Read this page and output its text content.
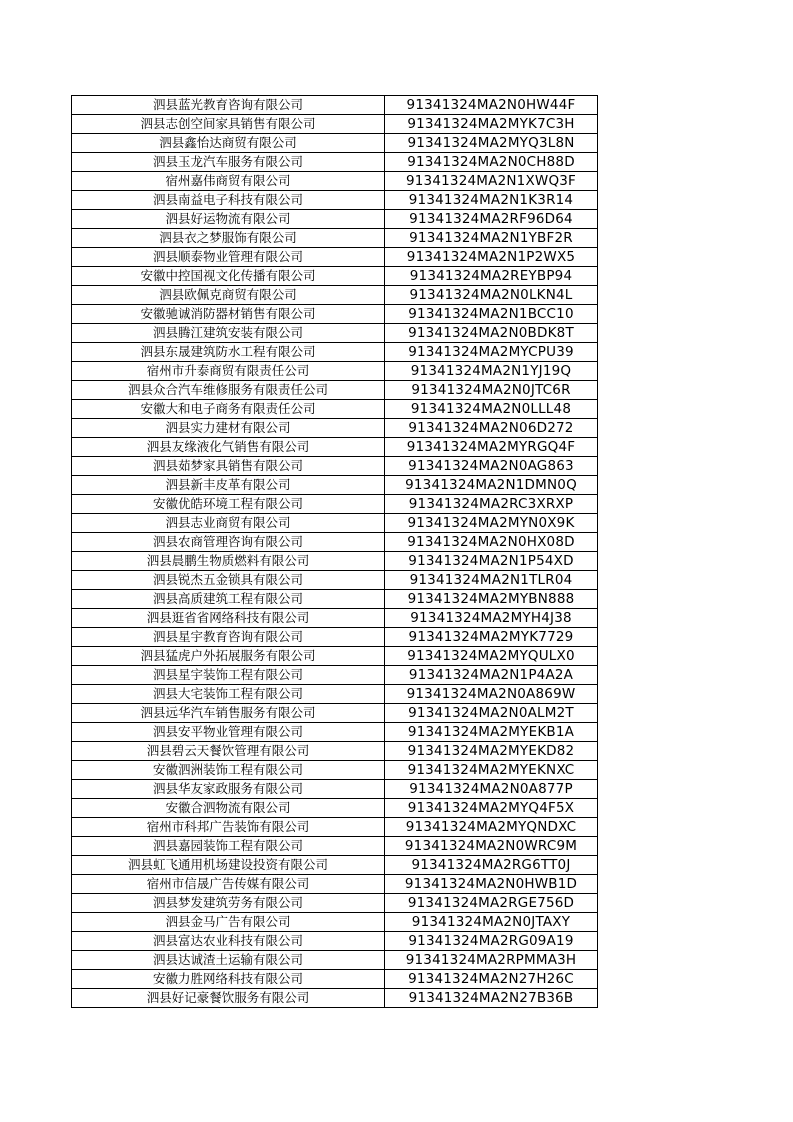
泗县蓝光教育咨询有限公司	91341324MA2N0HW44F
泗县志创空间家具销售有限公司	91341324MA2MYK7C3H
泗县鑫怡达商贸有限公司	91341324MA2MYQ3L8N
泗县玉龙汽车服务有限公司	91341324MA2N0CH88D
宿州嘉伟商贸有限公司	91341324MA2N1XWQ3F
泗县南益电子科技有限公司	91341324MA2N1K3R14
泗县好运物流有限公司	91341324MA2RF96D64
泗县衣之梦服饰有限公司	91341324MA2N1YBF2R
泗县顺泰物业管理有限公司	91341324MA2N1P2WX5
安徽中控国视文化传播有限公司	91341324MA2REYBP94
泗县欧佩克商贸有限公司	91341324MA2N0LKN4L
安徽驰诚消防器材销售有限公司	91341324MA2N1BCC10
泗县腾江建筑安装有限公司	91341324MA2N0BDK8T
泗县东晟建筑防水工程有限公司	91341324MA2MYCPU39
宿州市升泰商贸有限责任公司	91341324MA2N1YJ19Q
泗县众合汽车维修服务有限责任公司	91341324MA2N0JTC6R
安徽大和电子商务有限责任公司	91341324MA2N0LLL48
泗县实力建材有限公司	91341324MA2N06D272
泗县友缘液化气销售有限公司	91341324MA2MYRGQ4F
泗县茹梦家具销售有限公司	91341324MA2N0AG863
泗县新丰皮革有限公司	91341324MA2N1DMN0Q
安徽优皓环境工程有限公司	91341324MA2RC3XRXP
泗县志业商贸有限公司	91341324MA2MYN0X9K
泗县农商管理咨询有限公司	91341324MA2N0HX08D
泗县晨鹏生物质燃料有限公司	91341324MA2N1P54XD
泗县锐杰五金锁具有限公司	91341324MA2N1TLR04
泗县高质建筑工程有限公司	91341324MA2MYBN888
泗县逛省省网络科技有限公司	91341324MA2MYH4J38
泗县星宇教育咨询有限公司	91341324MA2MYK7729
泗县猛虎户外拓展服务有限公司	91341324MA2MYQULX0
泗县星宇装饰工程有限公司	91341324MA2N1P4A2A
泗县大宅装饰工程有限公司	91341324MA2N0A869W
泗县远华汽车销售服务有限公司	91341324MA2N0ALM2T
泗县安平物业管理有限公司	91341324MA2MYEKB1A
泗县碧云天餐饮管理有限公司	91341324MA2MYEKD82
安徽泗洲装饰工程有限公司	91341324MA2MYEKNXC
泗县华友家政服务有限公司	91341324MA2N0A877P
安徽合泗物流有限公司	91341324MA2MYQ4F5X
宿州市科邦广告装饰有限公司	91341324MA2MYQNDXC
泗县嘉园装饰工程有限公司	91341324MA2N0WRC9M
泗县虹飞通用机场建设投资有限公司	91341324MA2RG6TT0J
宿州市信晟广告传媒有限公司	91341324MA2N0HWB1D
泗县梦发建筑劳务有限公司	91341324MA2RGE756D
泗县金马广告有限公司	91341324MA2N0JTAXY
泗县富达农业科技有限公司	91341324MA2RG09A19
泗县达诚渣土运输有限公司	91341324MA2RPMMA3H
安徽力胜网络科技有限公司	91341324MA2N27H26C
泗县好记豪餐饮服务有限公司	91341324MA2N27B36B
